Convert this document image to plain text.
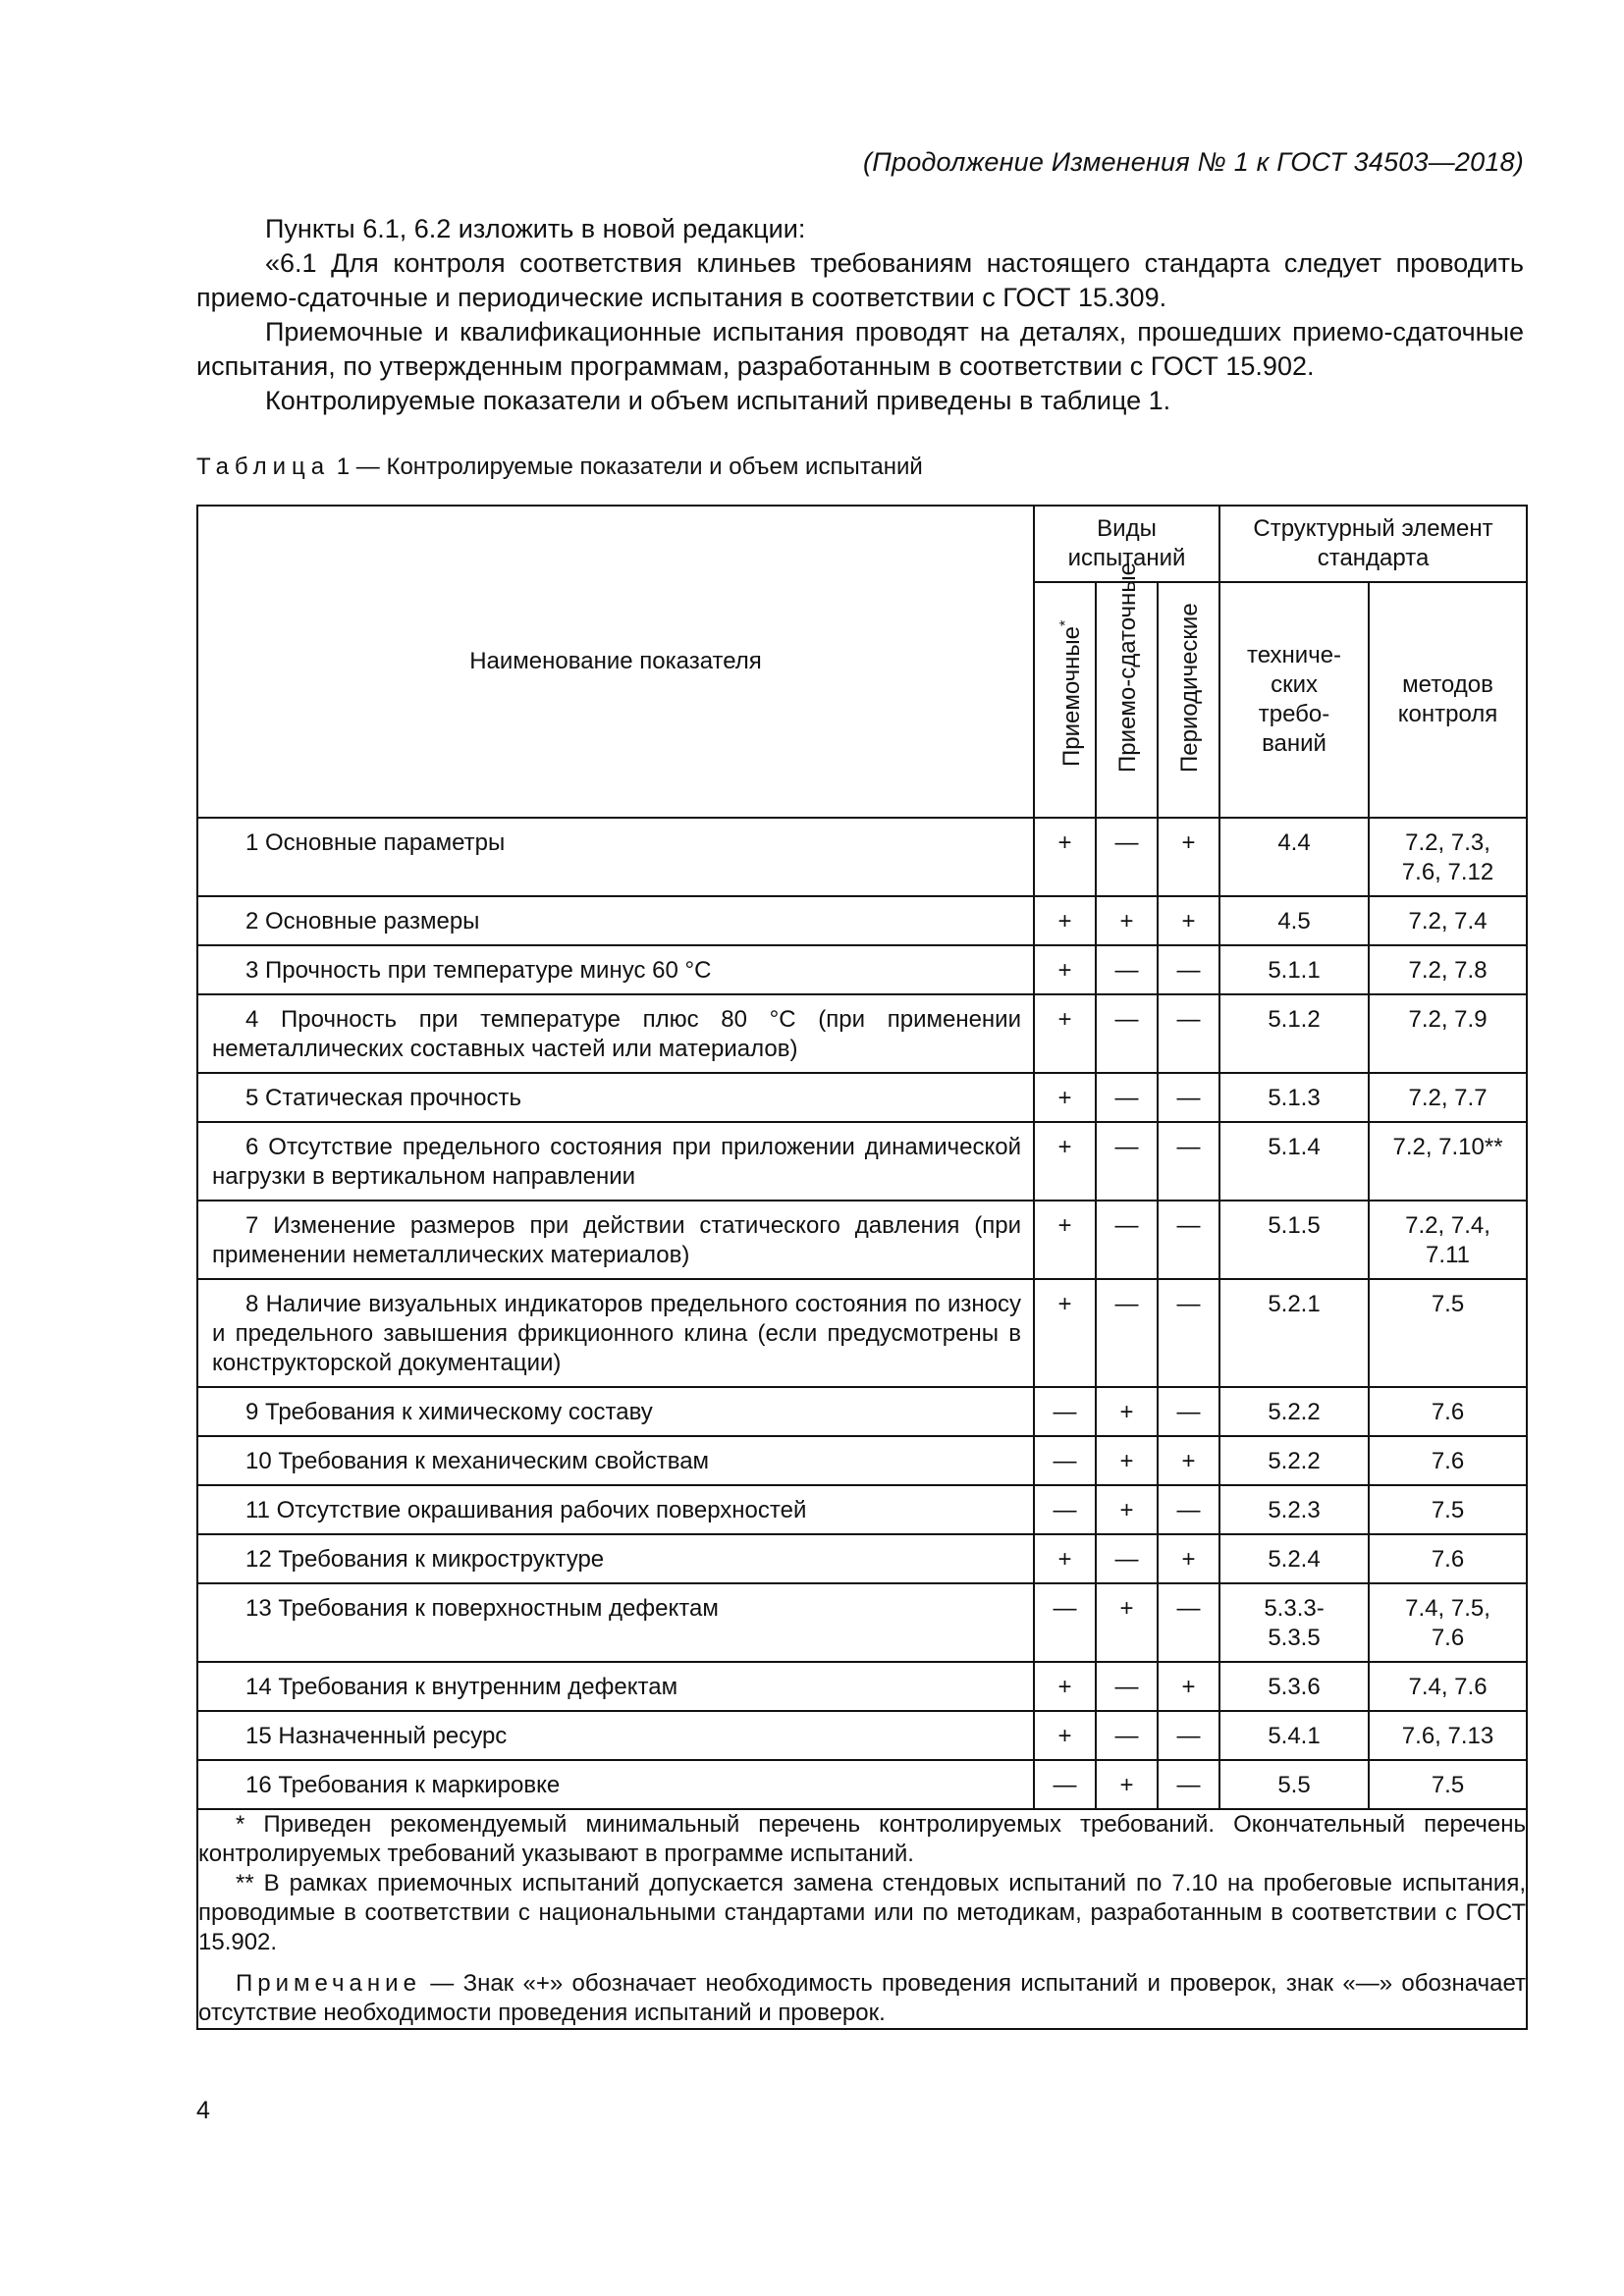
(Продолжение Изменения № 1 к ГОСТ 34503—2018)
Пункты 6.1, 6.2 изложить в новой редакции:
«6.1 Для контроля соответствия клиньев требованиям настоящего стандарта следует проводить приемо-сдаточные и периодические испытания в соответствии с ГОСТ 15.309.
Приемочные и квалификационные испытания проводят на деталях, прошедших приемо-сдаточные испытания, по утвержденным программам, разработанным в соответствии с ГОСТ 15.902.
Контролируемые показатели и объем испытаний приведены в таблице 1.
Таблица 1 — Контролируемые показатели и объем испытаний
Наименование показателя	Виды испытаний			Структурный элемент стандарта	

	Приемочные*	Приемо-сдаточные	Периодические	техниче-ских требо-ваний	методов контроля
1 Основные параметры	+	—	+	4.4	7.2, 7.3, 7.6, 7.12
2 Основные размеры	+	+	+	4.5	7.2, 7.4
3 Прочность при температуре минус 60 °С	+	—	—	5.1.1	7.2, 7.8
4 Прочность при температуре плюс 80 °С (при применении неметаллических составных частей или материалов)	+	—	—	5.1.2	7.2, 7.9
5 Статическая прочность	+	—	—	5.1.3	7.2, 7.7
6 Отсутствие предельного состояния при приложении динамической нагрузки в вертикальном направлении	+	—	—	5.1.4	7.2, 7.10**
7 Изменение размеров при действии статического давления (при применении неметаллических материалов)	+	—	—	5.1.5	7.2, 7.4, 7.11
8 Наличие визуальных индикаторов предельного состояния по износу и предельного завышения фрикционного клина (если предусмотрены в конструкторской документации)	+	—	—	5.2.1	7.5
9 Требования к химическому составу	—	+	—	5.2.2	7.6
10 Требования к механическим свойствам	—	+	+	5.2.2	7.6
11 Отсутствие окрашивания рабочих поверхностей	—	+	—	5.2.3	7.5
12 Требования к микроструктуре	+	—	+	5.2.4	7.6
13 Требования к поверхностным дефектам	—	+	—	5.3.3-5.3.5	7.4, 7.5, 7.6
14 Требования к внутренним дефектам	+	—	+	5.3.6	7.4, 7.6
15 Назначенный ресурс	+	—	—	5.4.1	7.6, 7.13
16 Требования к маркировке	—	+	—	5.5	7.5

* Приведен рекомендуемый минимальный перечень контролируемых требований. Окончательный перечень контролируемых требований указывают в программе испытаний.
** В рамках приемочных испытаний допускается замена стендовых испытаний по 7.10 на пробеговые испытания, проводимые в соответствии с национальными стандартами или по методикам, разработанным в соответствии с ГОСТ 15.902.
Примечание — Знак «+» обозначает необходимость проведения испытаний и проверок, знак «—» обозначает отсутствие необходимости проведения испытаний и проверок.					
4
